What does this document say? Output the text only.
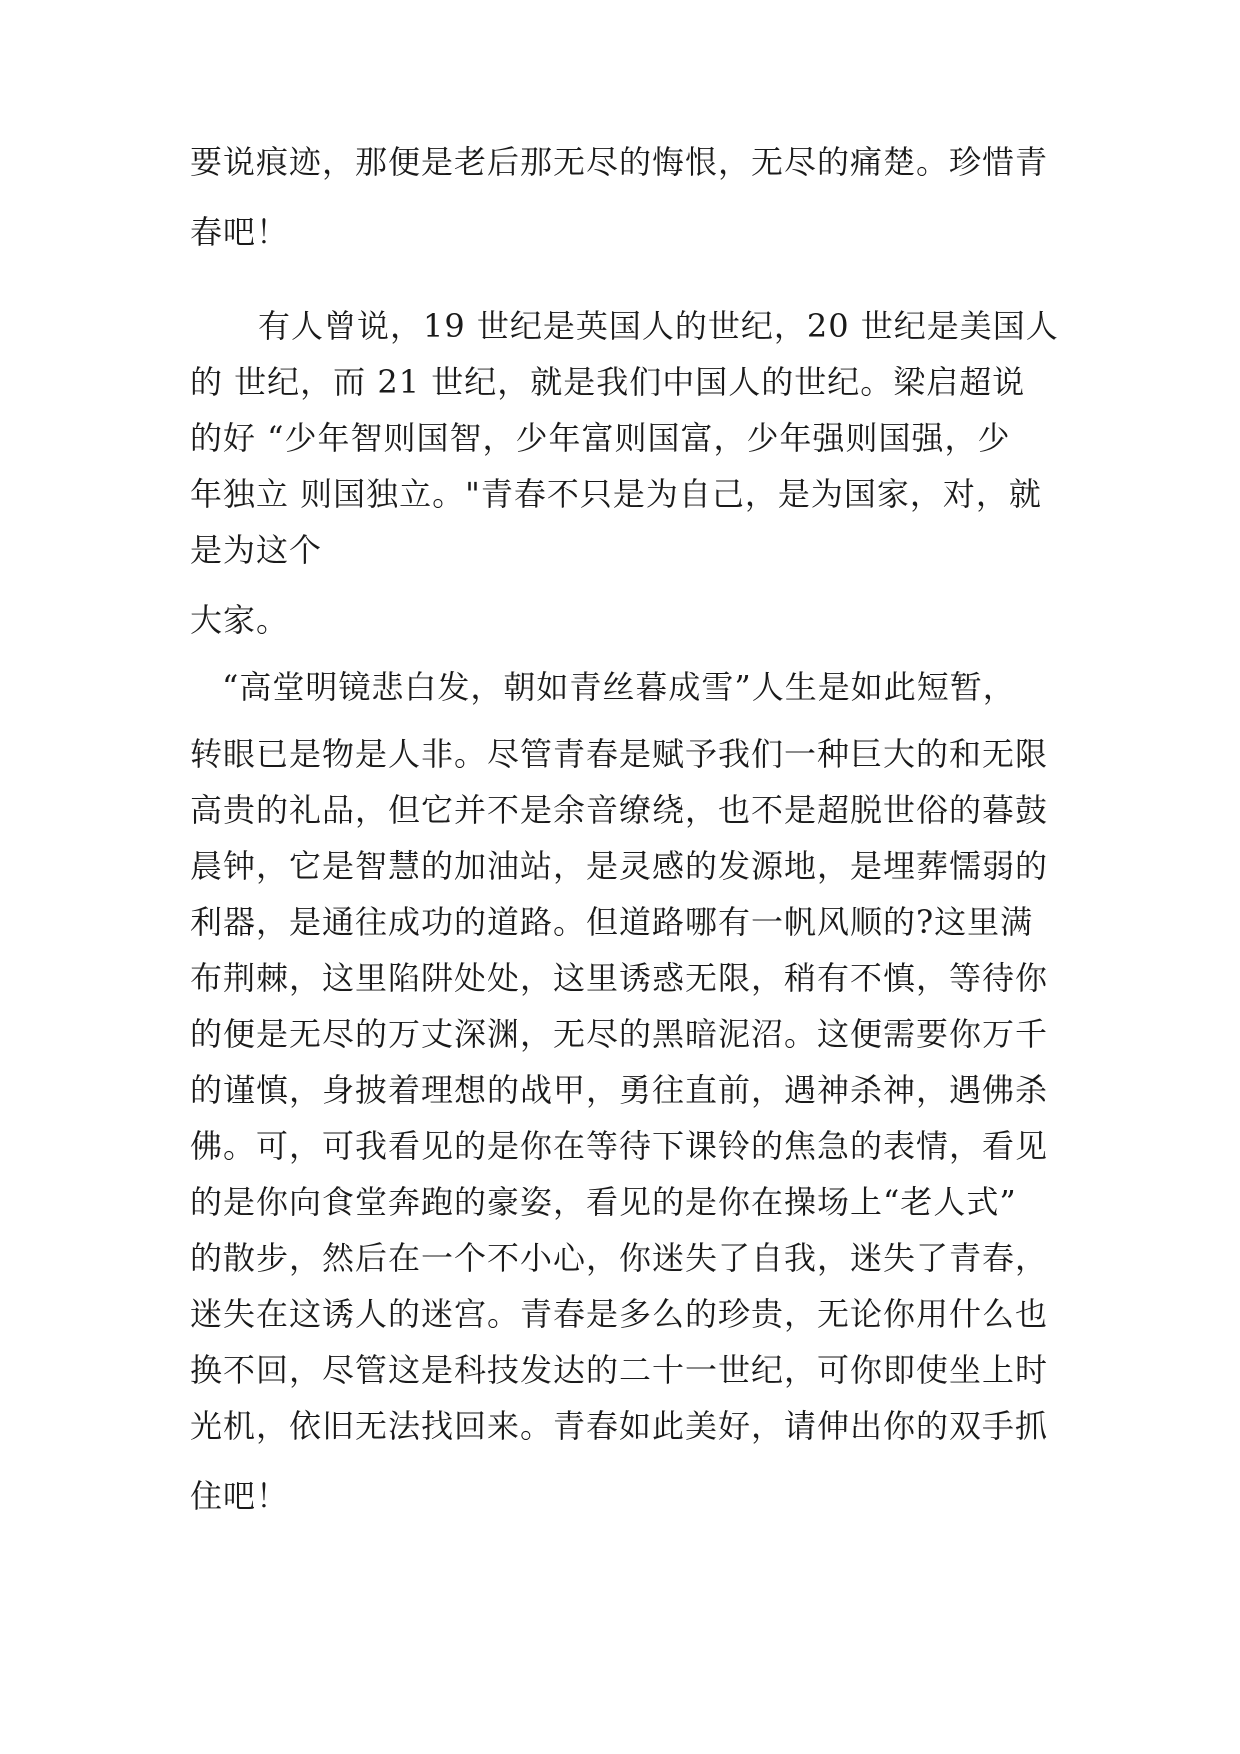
要说痕迹，那便是老后那无尽的悔恨，无尽的痛楚。珍惜青
春吧！
有人曾说，19 世纪是英国人的世纪，20 世纪是美国人
的 世纪，而 21 世纪，就是我们中国人的世纪。梁启超说
的好 “少年智则国智，少年富则国富，少年强则国强，少
年独立 则国独立。"青春不只是为自己，是为国家，对，就
是为这个
大家。
“高堂明镜悲白发，朝如青丝暮成雪”人生是如此短暂，
转眼已是物是人非。尽管青春是赋予我们一种巨大的和无限
高贵的礼品，但它并不是余音缭绕，也不是超脱世俗的暮鼓
晨钟，它是智慧的加油站，是灵感的发源地，是埋葬懦弱的
利器，是通往成功的道路。但道路哪有一帆风顺的?这里满
布荆棘，这里陷阱处处，这里诱惑无限，稍有不慎，等待你
的便是无尽的万丈深渊，无尽的黑暗泥沼。这便需要你万千
的谨慎，身披着理想的战甲，勇往直前，遇神杀神，遇佛杀
佛。可，可我看见的是你在等待下课铃的焦急的表情，看见
的是你向食堂奔跑的豪姿，看见的是你在操场上“老人式”
的散步，然后在一个不小心，你迷失了自我，迷失了青春，
迷失在这诱人的迷宫。青春是多么的珍贵，无论你用什么也
换不回，尽管这是科技发达的二十一世纪，可你即使坐上时
光机，依旧无法找回来。青春如此美好，请伸出你的双手抓
住吧！
